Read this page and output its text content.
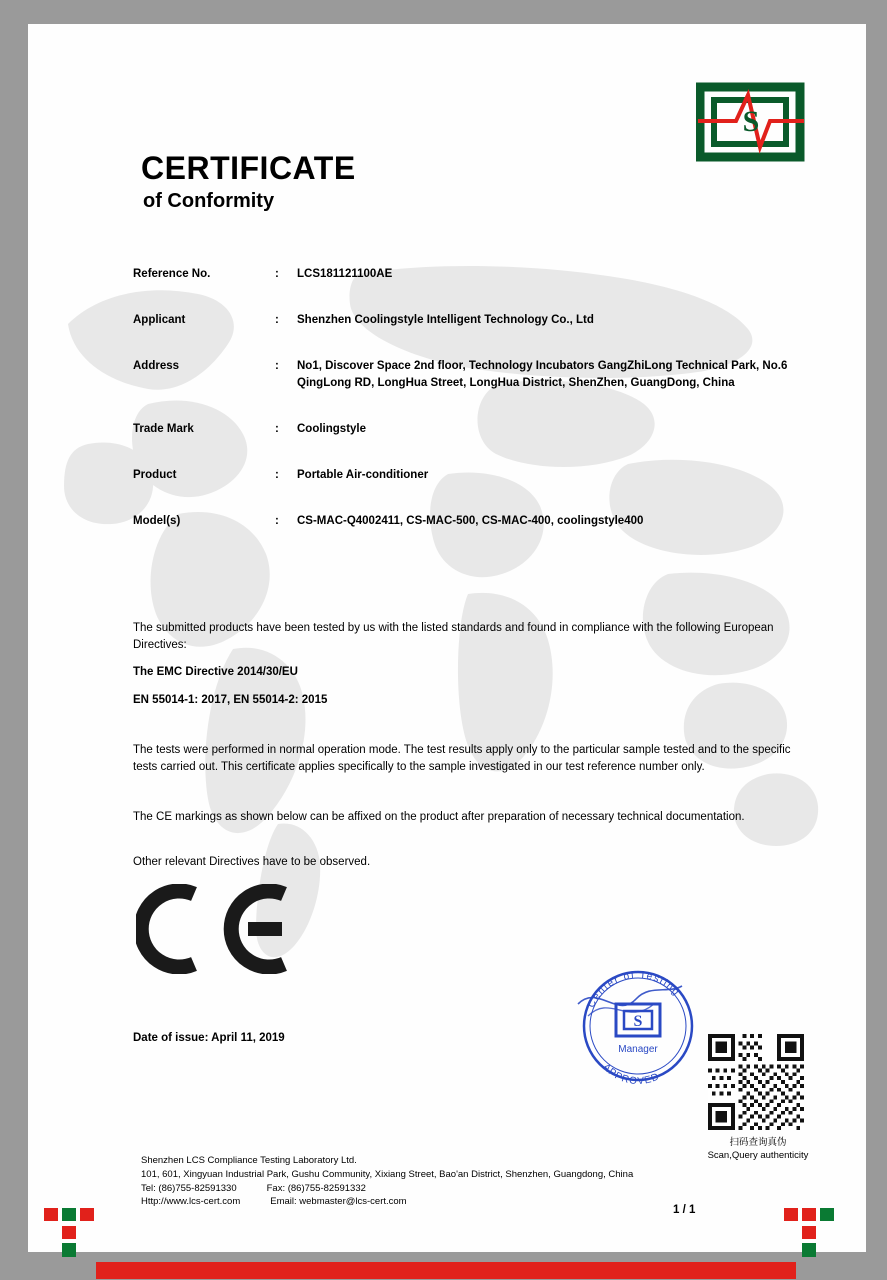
S
CERTIFICATE
of Conformity
Reference No.	:	LCS181121100AE
Applicant	:	Shenzhen Coolingstyle Intelligent Technology Co., Ltd
Address	:	No1, Discover Space 2nd floor, Technology Incubators GangZhiLong Technical Park, No.6 QingLong RD, LongHua Street, LongHua District, ShenZhen, GuangDong, China
Trade Mark	:	Coolingstyle
Product	:	Portable Air-conditioner
Model(s)	:	CS-MAC-Q4002411, CS-MAC-500, CS-MAC-400, coolingstyle400
The submitted products have been tested by us with the listed standards and found in compliance with the following European Directives:
The EMC Directive 2014/30/EU
EN 55014-1: 2017, EN 55014-2: 2015
The tests were performed in normal operation mode. The test results apply only to the particular sample tested and to the specific tests carried out. This certificate applies specifically to the sample investigated in our test reference number only.
The CE markings as shown below can be affixed on the product after preparation of necessary technical documentation.
Other relevant Directives have to be observed.
Date of issue: April 11, 2019
S
Center of Testing
Manager
APPROVED
扫码查询真伪
Scan,Query authenticity
Shenzhen LCS Compliance Testing Laboratory Ltd.
101, 601, Xingyuan Industrial Park, Gushu Community, Xixiang Street, Bao'an District, Shenzhen, Guangdong, China
Tel: (86)755-82591330	Fax: (86)755-82591332
Http://www.lcs-cert.com	Email: webmaster@lcs-cert.com
1 / 1
